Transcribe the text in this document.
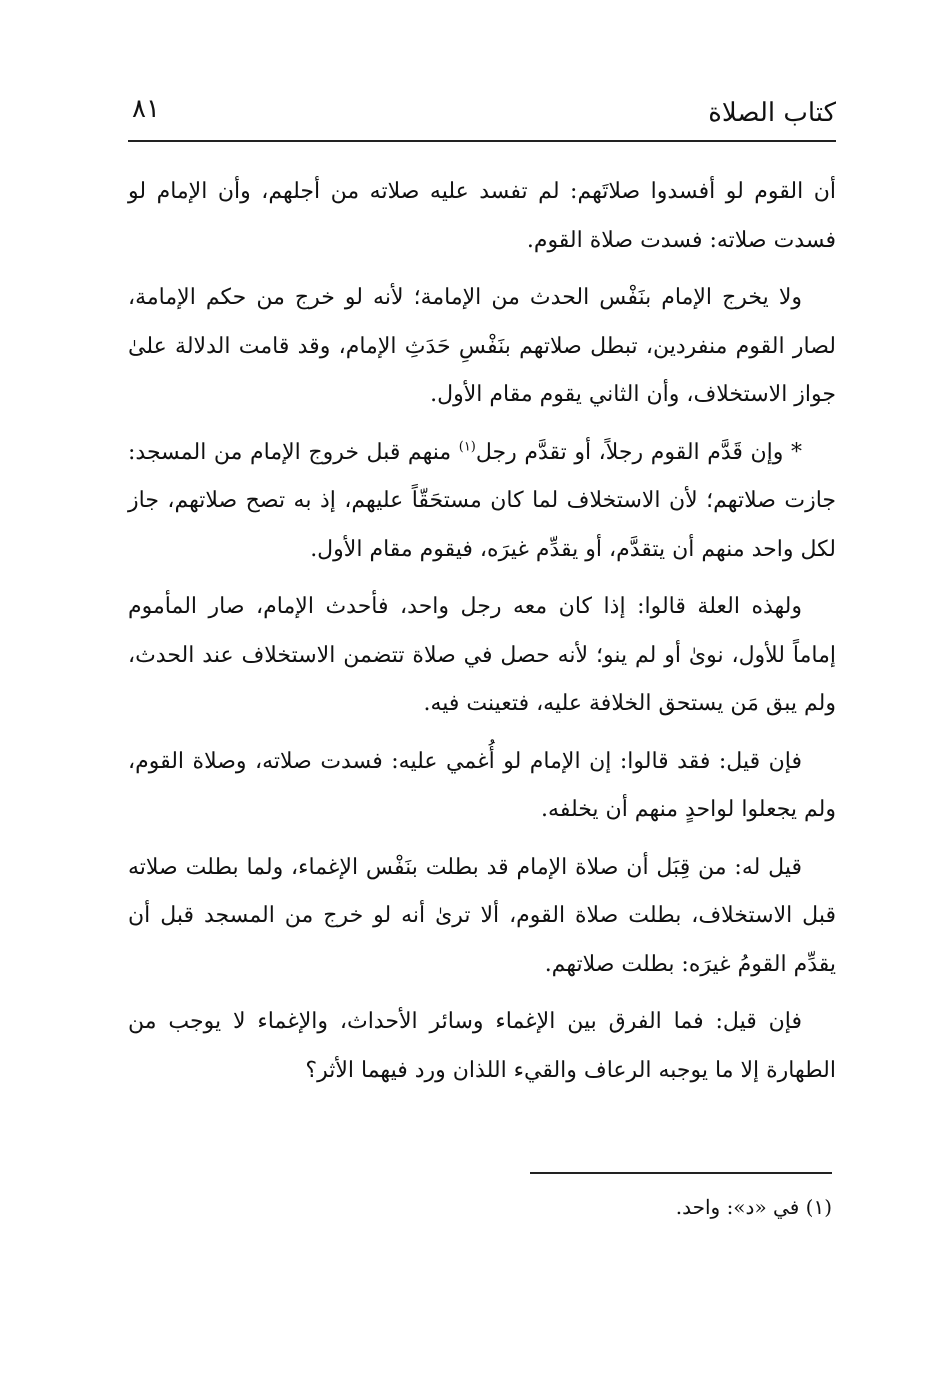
كتاب الصلاة
٨١

أن القوم لو أفسدوا صلاتَهم: لم تفسد عليه صلاته من أجلهم، وأن الإمام لو فسدت صلاته: فسدت صلاة القوم.

ولا يخرج الإمام بنَفْس الحدث من الإمامة؛ لأنه لو خرج من حكم الإمامة، لصار القوم منفردين، تبطل صلاتهم بنَفْسِ حَدَثِ الإمام، وقد قامت الدلالة علىٰ جواز الاستخلاف، وأن الثاني يقوم مقام الأول.

* وإن قَدَّم القوم رجلاً، أو تقدَّم رجل$^{(١)}$ منهم قبل خروج الإمام من المسجد: جازت صلاتهم؛ لأن الاستخلاف لما كان مستحَقّاً عليهم، إذ به تصح صلاتهم، جاز لكل واحد منهم أن يتقدَّم، أو يقدِّم غيرَه، فيقوم مقام الأول.

ولهذه العلة قالوا: إذا كان معه رجل واحد، فأحدث الإمام، صار المأموم إماماً للأول، نوىٰ أو لم ينو؛ لأنه حصل في صلاة تتضمن الاستخلاف عند الحدث، ولم يبق مَن يستحق الخلافة عليه، فتعينت فيه.

فإن قيل: فقد قالوا: إن الإمام لو أُغمي عليه: فسدت صلاته، وصلاة القوم، ولم يجعلوا لواحدٍ منهم أن يخلفه.

قيل له: من قِبَل أن صلاة الإمام قد بطلت بنَفْس الإغماء، ولما بطلت صلاته قبل الاستخلاف، بطلت صلاة القوم، ألا ترىٰ أنه لو خرج من المسجد قبل أن يقدِّم القومُ غيرَه: بطلت صلاتهم.

فإن قيل: فما الفرق بين الإغماء وسائر الأحداث، والإغماء لا يوجب من الطهارة إلا ما يوجبه الرعاف والقيء اللذان ورد فيهما الأثر؟

(١) في «د»: واحد.
